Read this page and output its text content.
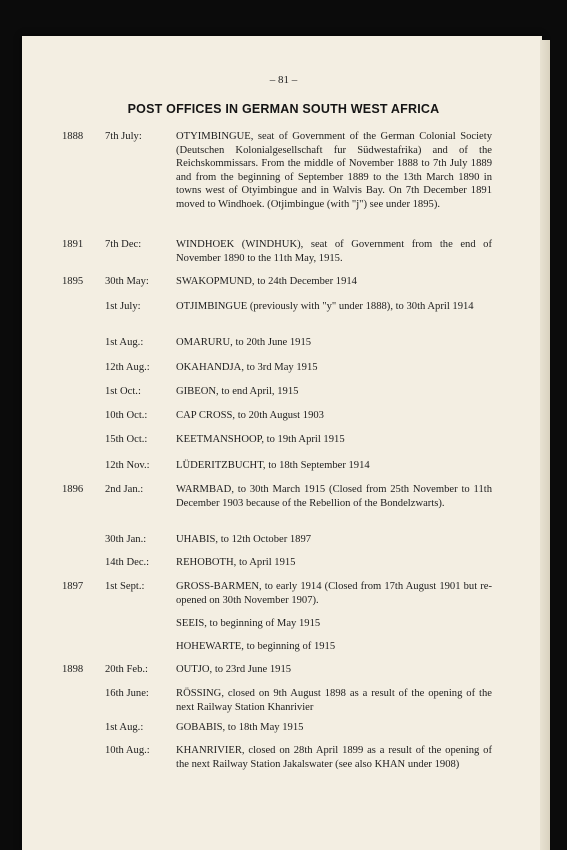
– 81 –
POST OFFICES IN GERMAN SOUTH WEST AFRICA
1888 7th July:	OTYIMBINGUE, seat of Government of the German Colonial Society (Deutschen Kolonialgesellschaft fur Südwestafrika) and of the Reichskommissars. From the middle of November 1888 to 7th July 1889 and from the beginning of September 1889 to the 13th March 1890 in towns west of Otyimbingue and in Walvis Bay. On 7th December 1891 moved to Windhoek. (Otjimbingue (with "j") see under 1895).
1891 7th Dec:	WINDHOEK (WINDHUK), seat of Government from the end of November 1890 to the 11th May, 1915.
1895 30th May:	SWAKOPMUND, to 24th December 1914
1st July:	OTJIMBINGUE (previously with "y" under 1888), to 30th April 1914
1st Aug.:	OMARURU, to 20th June 1915
12th Aug.: OKAHANDJA, to 3rd May 1915
1st Oct.:	GIBEON, to end April, 1915
10th Oct.:	CAP CROSS, to 20th August 1903
15th Oct.:	KEETMANSHOOP, to 19th April 1915
12th Nov.: LÜDERITZBUCHT, to 18th September 1914
1896 2nd Jan.:	WARMBAD, to 30th March 1915 (Closed from 25th November to 11th December 1903 because of the Rebellion of the Bondelzwarts).
30th Jan.:	UHABIS, to 12th October 1897
14th Dec.:	REHOBOTH, to April 1915
1897 1st Sept.:	GROSS-BARMEN, to early 1914 (Closed from 17th August 1901 but re-opened on 30th November 1907).
SEEIS, to beginning of May 1915
HOHEWARTE, to beginning of 1915
1898 20th Feb.:	OUTJO, to 23rd June 1915
16th June:	RÖSSING, closed on 9th August 1898 as a result of the opening of the next Railway Station Khanrivier
1st Aug.:	GOBABIS, to 18th May 1915
10th Aug.: KHANRIVIER, closed on 28th April 1899 as a result of the opening of the next Railway Station Jakalswater (see also KHAN under 1908)
